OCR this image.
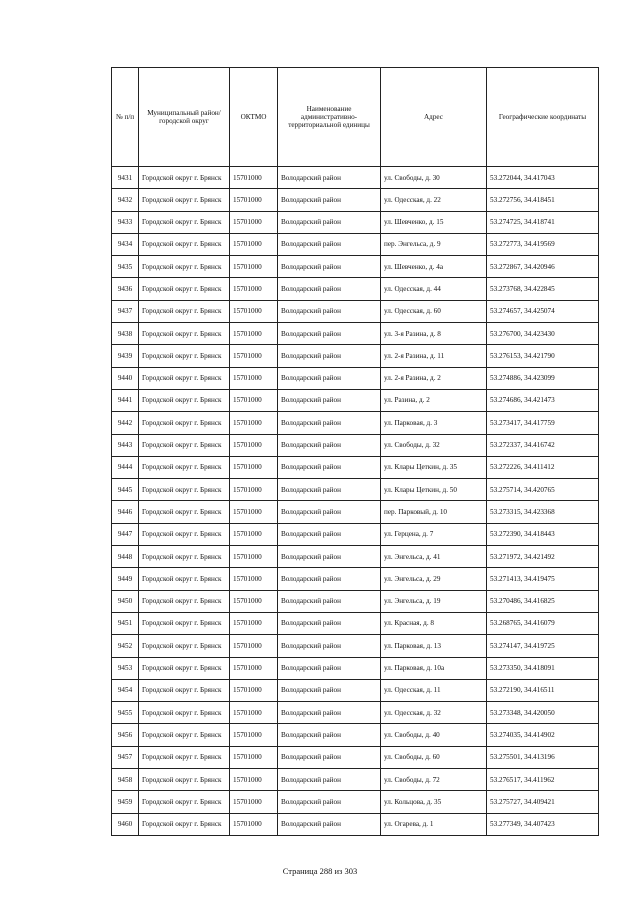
№ п/п	Муниципальный район/городской округ	ОКТМО	Наименование административно-территориальной единицы	Адрес	Географические координаты
9431	Городской округ г. Брянск	15701000	Володарский район	ул. Свободы, д. 30	53.272044, 34.417043
9432	Городской округ г. Брянск	15701000	Володарский район	ул. Одесская, д. 22	53.272756, 34.418451
9433	Городской округ г. Брянск	15701000	Володарский район	ул. Шевченко, д. 15	53.274725, 34.418741
9434	Городской округ г. Брянск	15701000	Володарский район	пер. Энгельса, д. 9	53.272773, 34.419569
9435	Городской округ г. Брянск	15701000	Володарский район	ул. Шевченко, д. 4а	53.272867, 34.420946
9436	Городской округ г. Брянск	15701000	Володарский район	ул. Одесская, д. 44	53.273768, 34.422845
9437	Городской округ г. Брянск	15701000	Володарский район	ул. Одесская, д. 60	53.274657, 34.425074
9438	Городской округ г. Брянск	15701000	Володарский район	ул. 3-я Разина, д. 8	53.276700, 34.423430
9439	Городской округ г. Брянск	15701000	Володарский район	ул. 2-я Разина, д. 11	53.276153, 34.421790
9440	Городской округ г. Брянск	15701000	Володарский район	ул. 2-я Разина, д. 2	53.274886, 34.423099
9441	Городской округ г. Брянск	15701000	Володарский район	ул. Разина, д. 2	53.274686, 34.421473
9442	Городской округ г. Брянск	15701000	Володарский район	ул. Парковая, д. 3	53.273417, 34.417759
9443	Городской округ г. Брянск	15701000	Володарский район	ул. Свободы, д. 32	53.272337, 34.416742
9444	Городской округ г. Брянск	15701000	Володарский район	ул. Клары Цеткин, д. 35	53.272226, 34.411412
9445	Городской округ г. Брянск	15701000	Володарский район	ул. Клары Цеткин, д. 50	53.275714, 34.420765
9446	Городской округ г. Брянск	15701000	Володарский район	пер. Парковый, д. 10	53.273315, 34.423368
9447	Городской округ г. Брянск	15701000	Володарский район	ул. Герцена, д. 7	53.272390, 34.418443
9448	Городской округ г. Брянск	15701000	Володарский район	ул. Энгельса, д. 41	53.271972, 34.421492
9449	Городской округ г. Брянск	15701000	Володарский район	ул. Энгельса, д. 29	53.271413, 34.419475
9450	Городской округ г. Брянск	15701000	Володарский район	ул. Энгельса, д. 19	53.270486, 34.416825
9451	Городской округ г. Брянск	15701000	Володарский район	ул. Красная, д. 8	53.268765, 34.416079
9452	Городской округ г. Брянск	15701000	Володарский район	ул. Парковая, д. 13	53.274147, 34.419725
9453	Городской округ г. Брянск	15701000	Володарский район	ул. Парковая, д. 10а	53.273350, 34.418091
9454	Городской округ г. Брянск	15701000	Володарский район	ул. Одесская, д. 11	53.272190, 34.416511
9455	Городской округ г. Брянск	15701000	Володарский район	ул. Одесская, д. 32	53.273348, 34.420050
9456	Городской округ г. Брянск	15701000	Володарский район	ул. Свободы, д. 40	53.274035, 34.414902
9457	Городской округ г. Брянск	15701000	Володарский район	ул. Свободы, д. 60	53.275501, 34.413196
9458	Городской округ г. Брянск	15701000	Володарский район	ул. Свободы, д. 72	53.276517, 34.411962
9459	Городской округ г. Брянск	15701000	Володарский район	ул. Кольцова, д. 35	53.275727, 34.409421
9460	Городской округ г. Брянск	15701000	Володарский район	ул. Огарева, д. 1	53.277349, 34.407423
Страница 288 из 303
